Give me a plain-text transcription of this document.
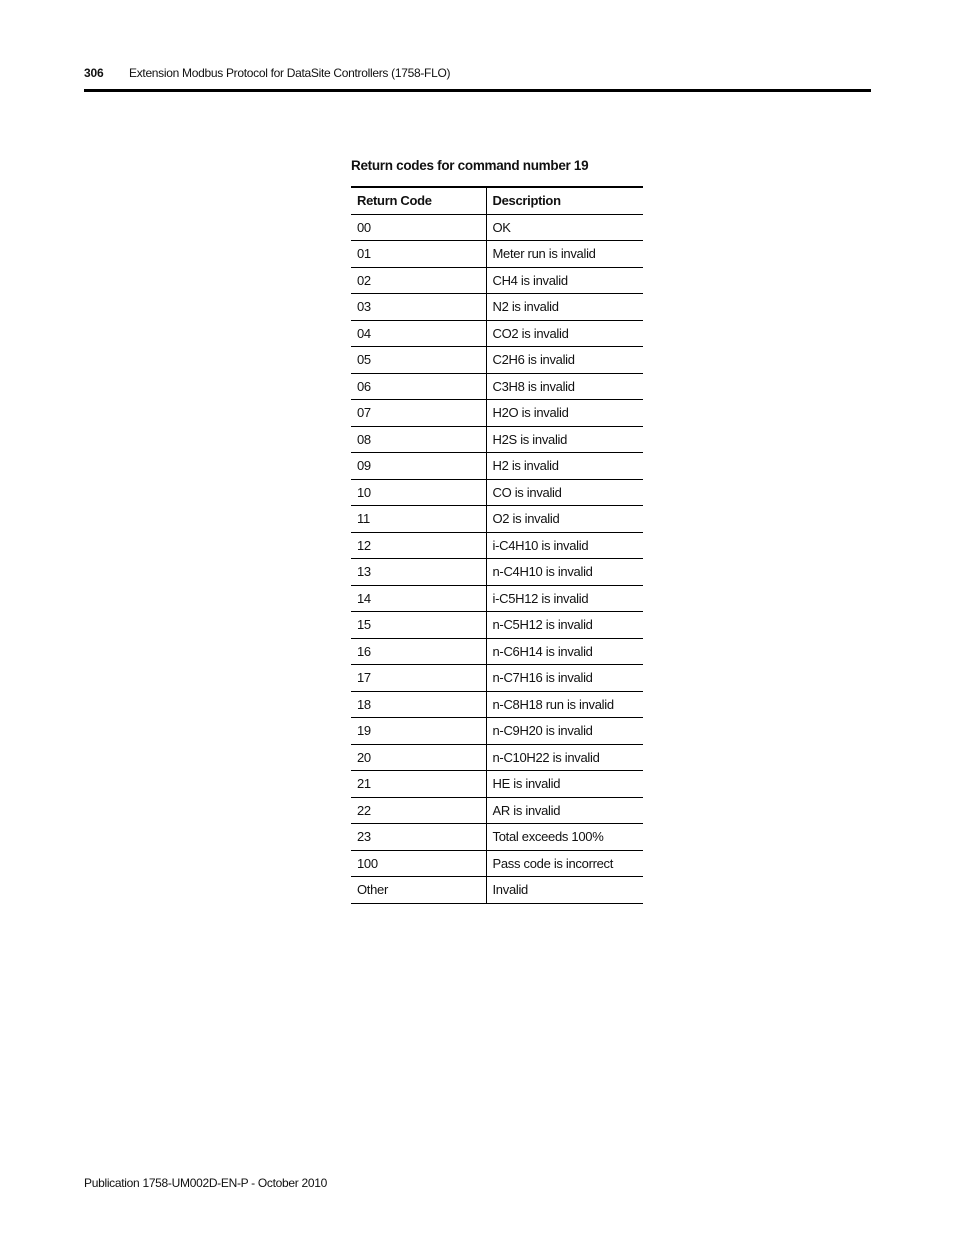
306 Extension Modbus Protocol for DataSite Controllers (1758-FLO)
Return codes for command number 19
Return Code	Description
00	OK
01	Meter run is invalid
02	CH4 is invalid
03	N2 is invalid
04	CO2 is invalid
05	C2H6 is invalid
06	C3H8 is invalid
07	H2O is invalid
08	H2S is invalid
09	H2 is invalid
10	CO is invalid
11	O2 is invalid
12	i-C4H10 is invalid
13	n-C4H10 is invalid
14	i-C5H12 is invalid
15	n-C5H12 is invalid
16	n-C6H14 is invalid
17	n-C7H16 is invalid
18	n-C8H18 run is invalid
19	n-C9H20 is invalid
20	n-C10H22 is invalid
21	HE is invalid
22	AR is invalid
23	Total exceeds 100%
100	Pass code is incorrect
Other	Invalid
Publication 1758-UM002D-EN-P - October 2010
